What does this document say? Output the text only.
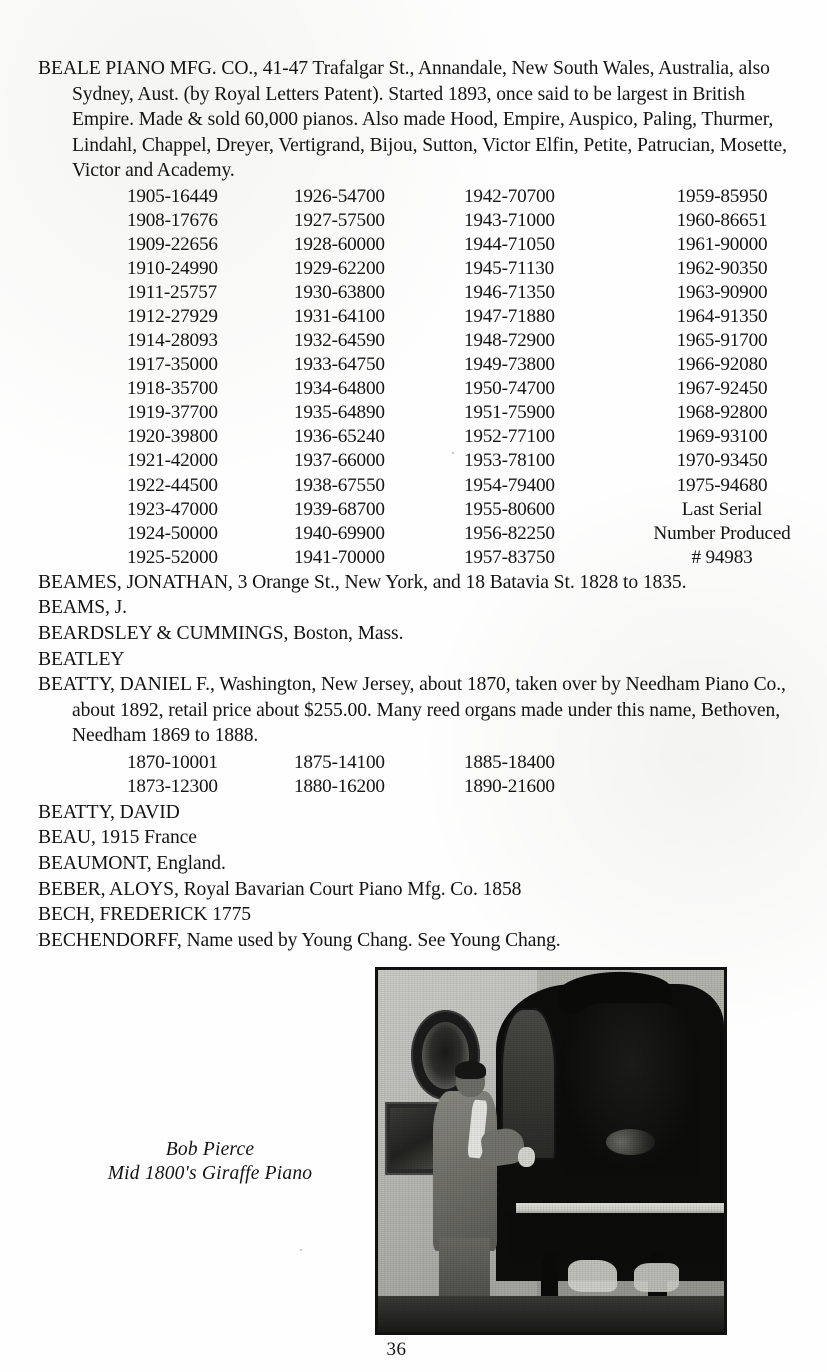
BEALE PIANO MFG. CO., 41-47 Trafalgar St., Annandale, New South Wales, Australia, also Sydney, Aust. (by Royal Letters Patent). Started 1893, once said to be largest in British Empire. Made & sold 60,000 pianos. Also made Hood, Empire, Auspico, Paling, Thurmer, Lindahl, Chappel, Dreyer, Vertigrand, Bijou, Sutton, Victor Elfin, Petite, Patrucian, Mosette, Victor and Academy.

1905-16449	1926-54700	1942-70700	1959-85950
1908-17676	1927-57500	1943-71000	1960-86651
1909-22656	1928-60000	1944-71050	1961-90000
1910-24990	1929-62200	1945-71130	1962-90350
1911-25757	1930-63800	1946-71350	1963-90900
1912-27929	1931-64100	1947-71880	1964-91350
1914-28093	1932-64590	1948-72900	1965-91700
1917-35000	1933-64750	1949-73800	1966-92080
1918-35700	1934-64800	1950-74700	1967-92450
1919-37700	1935-64890	1951-75900	1968-92800
1920-39800	1936-65240	1952-77100	1969-93100
1921-42000	1937-66000	1953-78100	1970-93450
1922-44500	1938-67550	1954-79400	1975-94680
1923-47000	1939-68700	1955-80600	Last Serial
1924-50000	1940-69900	1956-82250	Number Produced
1925-52000	1941-70000	1957-83750	# 94983

BEAMES, JONATHAN, 3 Orange St., New York, and 18 Batavia St. 1828 to 1835.

BEAMS, J.

BEARDSLEY & CUMMINGS, Boston, Mass.

BEATLEY

BEATTY, DANIEL F., Washington, New Jersey, about 1870, taken over by Needham Piano Co., about 1892, retail price about $255.00. Many reed organs made under this name, Bethoven, Needham 1869 to 1888.

1870-10001	1875-14100	1885-18400
1873-12300	1880-16200	1890-21600

BEATTY, DAVID

BEAU, 1915 France

BEAUMONT, England.

BEBER, ALOYS, Royal Bavarian Court Piano Mfg. Co. 1858

BECH, FREDERICK 1775

BECHENDORFF, Name used by Young Chang. See Young Chang.

Bob Pierce
Mid 1800's Giraffe Piano
36
